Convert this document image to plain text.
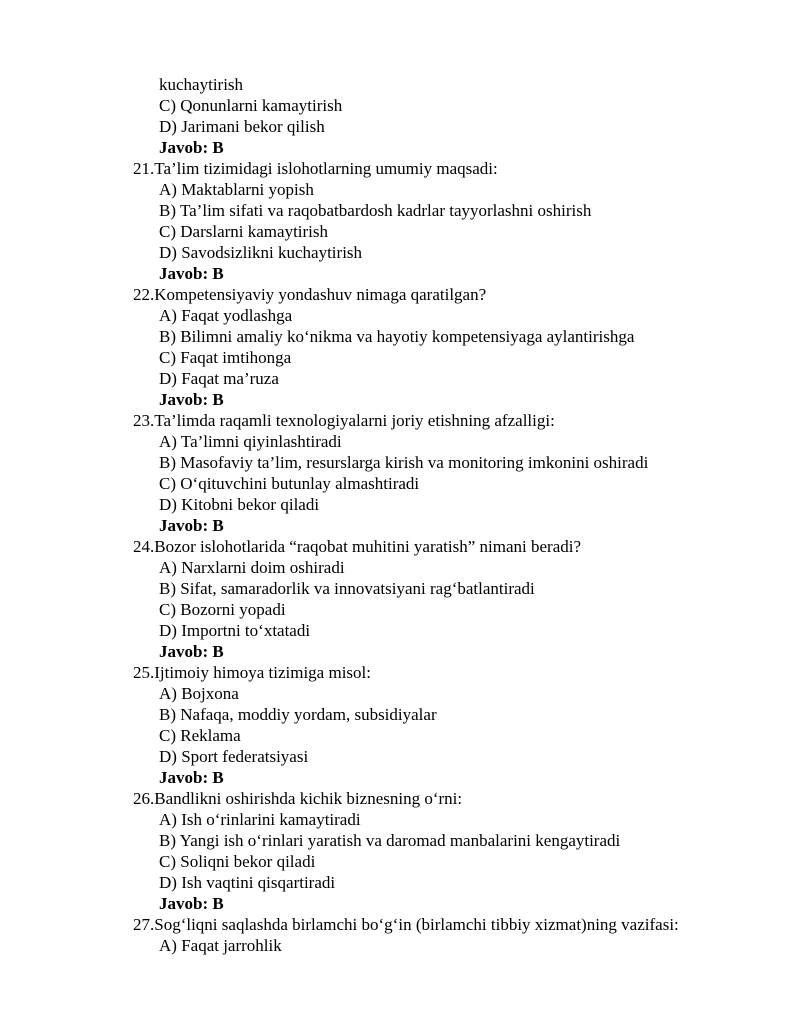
kuchaytirish
C) Qonunlarni kamaytirish
D) Jarimani bekor qilish
Javob: B
21.Ta’lim tizimidagi islohotlarning umumiy maqsadi:
A) Maktablarni yopish
B) Ta’lim sifati va raqobatbardosh kadrlar tayyorlashni oshirish
C) Darslarni kamaytirish
D) Savodsizlikni kuchaytirish
Javob: B
22.Kompetensiyaviy yondashuv nimaga qaratilgan?
A) Faqat yodlashga
B) Bilimni amaliy ko‘nikma va hayotiy kompetensiyaga aylantirishga
C) Faqat imtihonga
D) Faqat ma’ruza
Javob: B
23.Ta’limda raqamli texnologiyalarni joriy etishning afzalligi:
A) Ta’limni qiyinlashtiradi
B) Masofaviy ta’lim, resurslarga kirish va monitoring imkonini oshiradi
C) O‘qituvchini butunlay almashtiradi
D) Kitobni bekor qiladi
Javob: B
24.Bozor islohotlarida “raqobat muhitini yaratish” nimani beradi?
A) Narxlarni doim oshiradi
B) Sifat, samaradorlik va innovatsiyani rag‘batlantiradi
C) Bozorni yopadi
D) Importni to‘xtatadi
Javob: B
25.Ijtimoiy himoya tizimiga misol:
A) Bojxona
B) Nafaqa, moddiy yordam, subsidiyalar
C) Reklama
D) Sport federatsiyasi
Javob: B
26.Bandlikni oshirishda kichik biznesning o‘rni:
A) Ish o‘rinlarini kamaytiradi
B) Yangi ish o‘rinlari yaratish va daromad manbalarini kengaytiradi
C) Soliqni bekor qiladi
D) Ish vaqtini qisqartiradi
Javob: B
27.Sog‘liqni saqlashda birlamchi bo‘g‘in (birlamchi tibbiy xizmat)ning vazifasi:
A) Faqat jarrohlik
